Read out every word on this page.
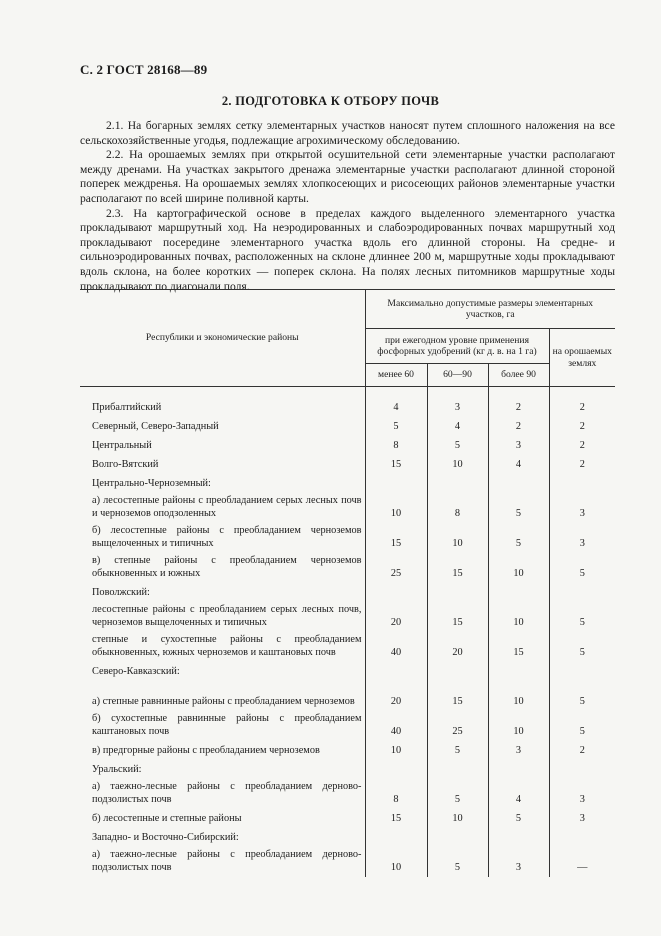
С. 2 ГОСТ 28168—89
2. ПОДГОТОВКА К ОТБОРУ ПОЧВ

2.1. На богарных землях сетку элементарных участков наносят путем сплошного наложения на все сельскохозяйственные угодья, подлежащие агрохимическому обследованию.

2.2. На орошаемых землях при открытой осушительной сети элементарные участки располагают между дренами. На участках закрытого дренажа элементарные участки располагают длинной стороной поперек междренья. На орошаемых землях хлопкосеющих и рисосеющих районов элементарные участки располагают по всей ширине поливной карты.

2.3. На картографической основе в пределах каждого выделенного элементарного участка прокладывают маршрутный ход. На неэродированных и слабоэродированных почвах маршрутный ход прокладывают посередине элементарного участка вдоль его длинной стороны. На средне- и сильноэродированных почвах, расположенных на склоне длиннее 200 м, маршрутные ходы прокладывают вдоль склона, на более коротких — поперек склона. На полях лесных питомников маршрутные ходы прокладывают по диагонали поля.

Республики и экономические районы	Максимально допустимые размеры элементарных участков, га			
	при ежегодном уровне применения фосфорных удобрений (кг д. в. на 1 га)			на орошаемых землях
	менее 60	60—90	более 90	
Прибалтийский	4	3	2	2
Северный, Северо-Западный	5	4	2	2
Центральный	8	5	3	2
Волго-Вятский	15	10	4	2
Центрально-Черноземный:				
а) лесостепные районы с преобладанием серых лесных почв и черноземов оподзоленных	10	8	5	3
б) лесостепные районы с преобладанием черноземов выщелоченных и типичных	15	10	5	3
в) степные районы с преобладанием черноземов обыкновенных и южных	25	15	10	5
Поволжский:				
лесостепные районы с преобладанием серых лесных почв, черноземов выщелоченных и типичных	20	15	10	5
степные и сухостепные районы с преобладанием обыкновенных, южных черноземов и каштановых почв	40	20	15	5
Северо-Кавказский:				
а) степные равнинные районы с преобладанием черноземов	20	15	10	5
б) сухостепные равнинные районы с преобладанием каштановых почв	40	25	10	5
в) предгорные районы с преобладанием черноземов	10	5	3	2
Уральский:				
а) таежно-лесные районы с преобладанием дерново-подзолистых почв	8	5	4	3
б) лесостепные и степные районы	15	10	5	3
Западно- и Восточно-Сибирский:				
а) таежно-лесные районы с преобладанием дерново-подзолистых почв	10	5	3	—
